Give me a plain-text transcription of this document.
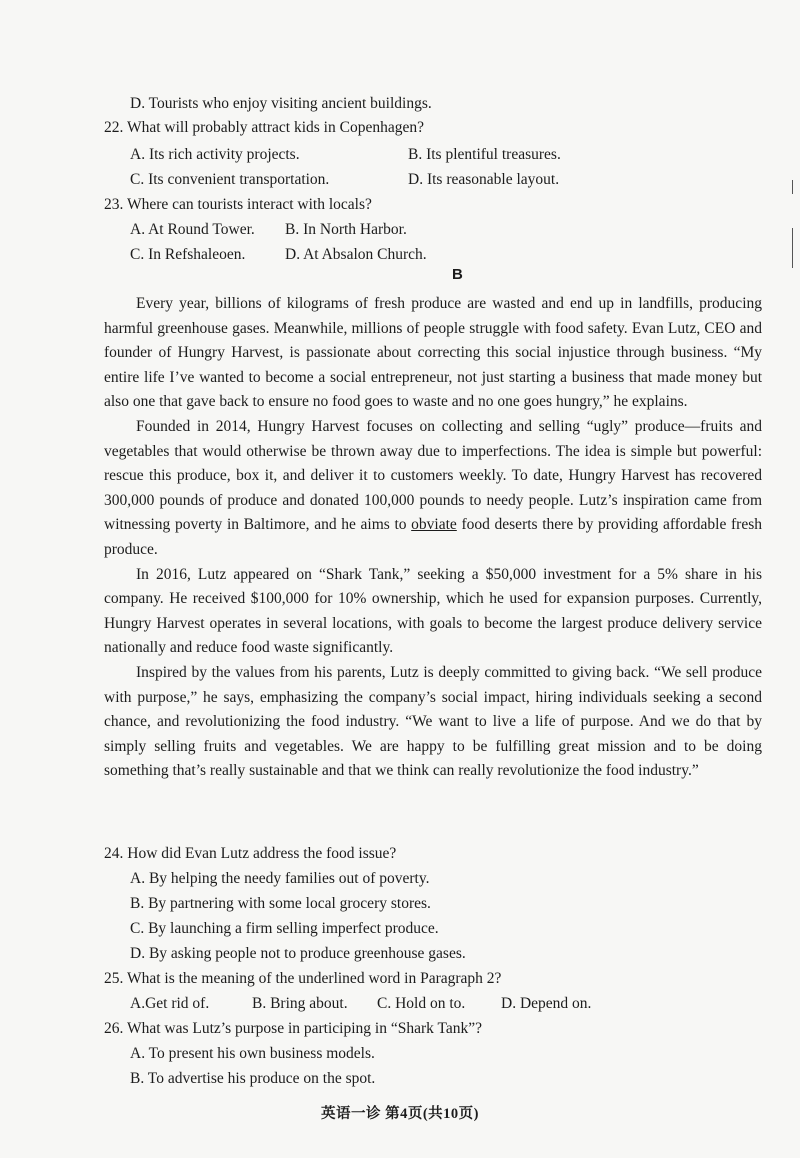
D. Tourists who enjoy visiting ancient buildings.
22. What will probably attract kids in Copenhagen?
A. Its rich activity projects.	B. Its plentiful treasures.
C. Its convenient transportation.	D. Its reasonable layout.
23. Where can tourists interact with locals?
A. At Round Tower. B. In North Harbor.
C. In Refshaleoen.	D. At Absalon Church.
B

Every year, billions of kilograms of fresh produce are wasted and end up in landfills, producing harmful greenhouse gases. Meanwhile, millions of people struggle with food safety. Evan Lutz, CEO and founder of Hungry Harvest, is passionate about correcting this social injustice through business. “My entire life I’ve wanted to become a social entrepreneur, not just starting a business that made money but also one that gave back to ensure no food goes to waste and no one goes hungry,” he explains.

Founded in 2014, Hungry Harvest focuses on collecting and selling “ugly” produce—fruits and vegetables that would otherwise be thrown away due to imperfections. The idea is simple but powerful: rescue this produce, box it, and deliver it to customers weekly. To date, Hungry Harvest has recovered 300,000 pounds of produce and donated 100,000 pounds to needy people. Lutz’s inspiration came from witnessing poverty in Baltimore, and he aims to obviate food deserts there by providing affordable fresh produce.

In 2016, Lutz appeared on “Shark Tank,” seeking a $50,000 investment for a 5% share in his company. He received $100,000 for 10% ownership, which he used for expansion purposes. Currently, Hungry Harvest operates in several locations, with goals to become the largest produce delivery service nationally and reduce food waste significantly.

Inspired by the values from his parents, Lutz is deeply committed to giving back. “We sell produce with purpose,” he says, emphasizing the company’s social impact, hiring individuals seeking a second chance, and revolutionizing the food industry. “We want to live a life of purpose. And we do that by simply selling fruits and vegetables. We are happy to be fulfilling great mission and to be doing something that’s really sustainable and that we think can really revolutionize the food industry.”

24. How did Evan Lutz address the food issue?
A. By helping the needy families out of poverty.
B. By partnering with some local grocery stores.
C. By launching a firm selling imperfect produce.
D. By asking people not to produce greenhouse gases.
25. What is the meaning of the underlined word in Paragraph 2?
A.Get rid of.	B. Bring about. C. Hold on to. D. Depend on.
26. What was Lutz’s purpose in participing in “Shark Tank”?
A. To present his own business models.
B. To advertise his produce on the spot.
英语一诊 第4页(共10页)
